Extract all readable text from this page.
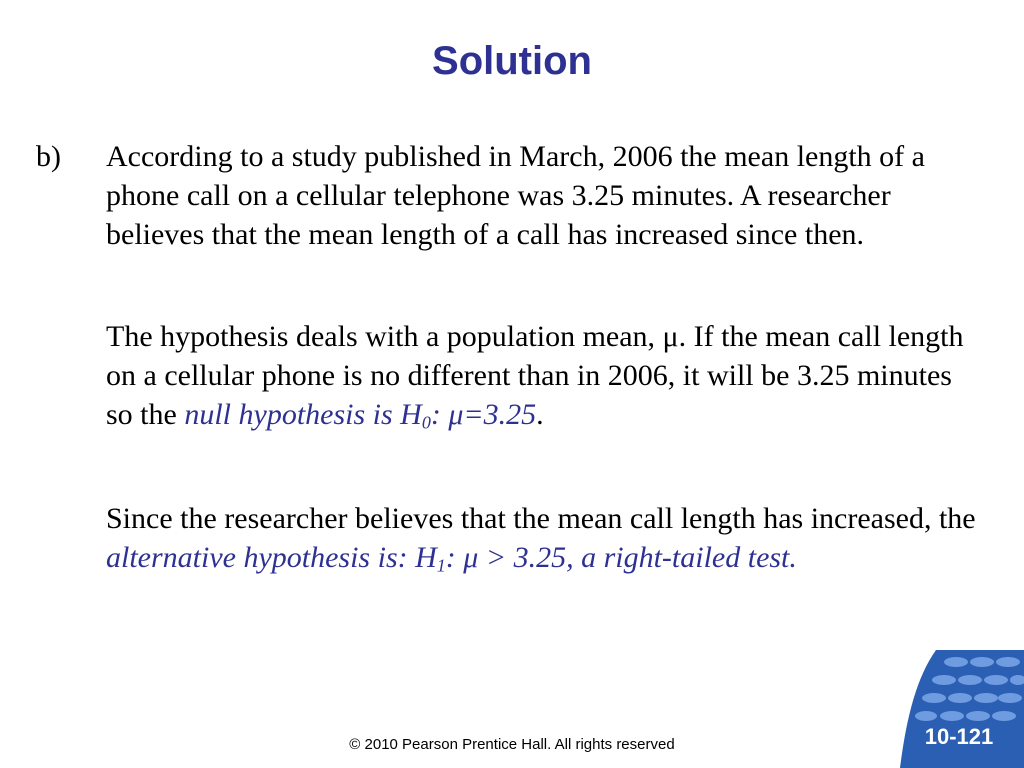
Solution
b) According to a study published in March, 2006 the mean length of a phone call on a cellular telephone was 3.25 minutes. A researcher believes that the mean length of a call has increased since then.
The hypothesis deals with a population mean, μ. If the mean call length on a cellular phone is no different than in 2006, it will be 3.25 minutes so the null hypothesis is $H_0$: μ=3.25.
Since the researcher believes that the mean call length has increased, the alternative hypothesis is: $H_1$: μ > 3.25, a right-tailed test.
© 2010 Pearson Prentice Hall. All rights reserved	10-121
